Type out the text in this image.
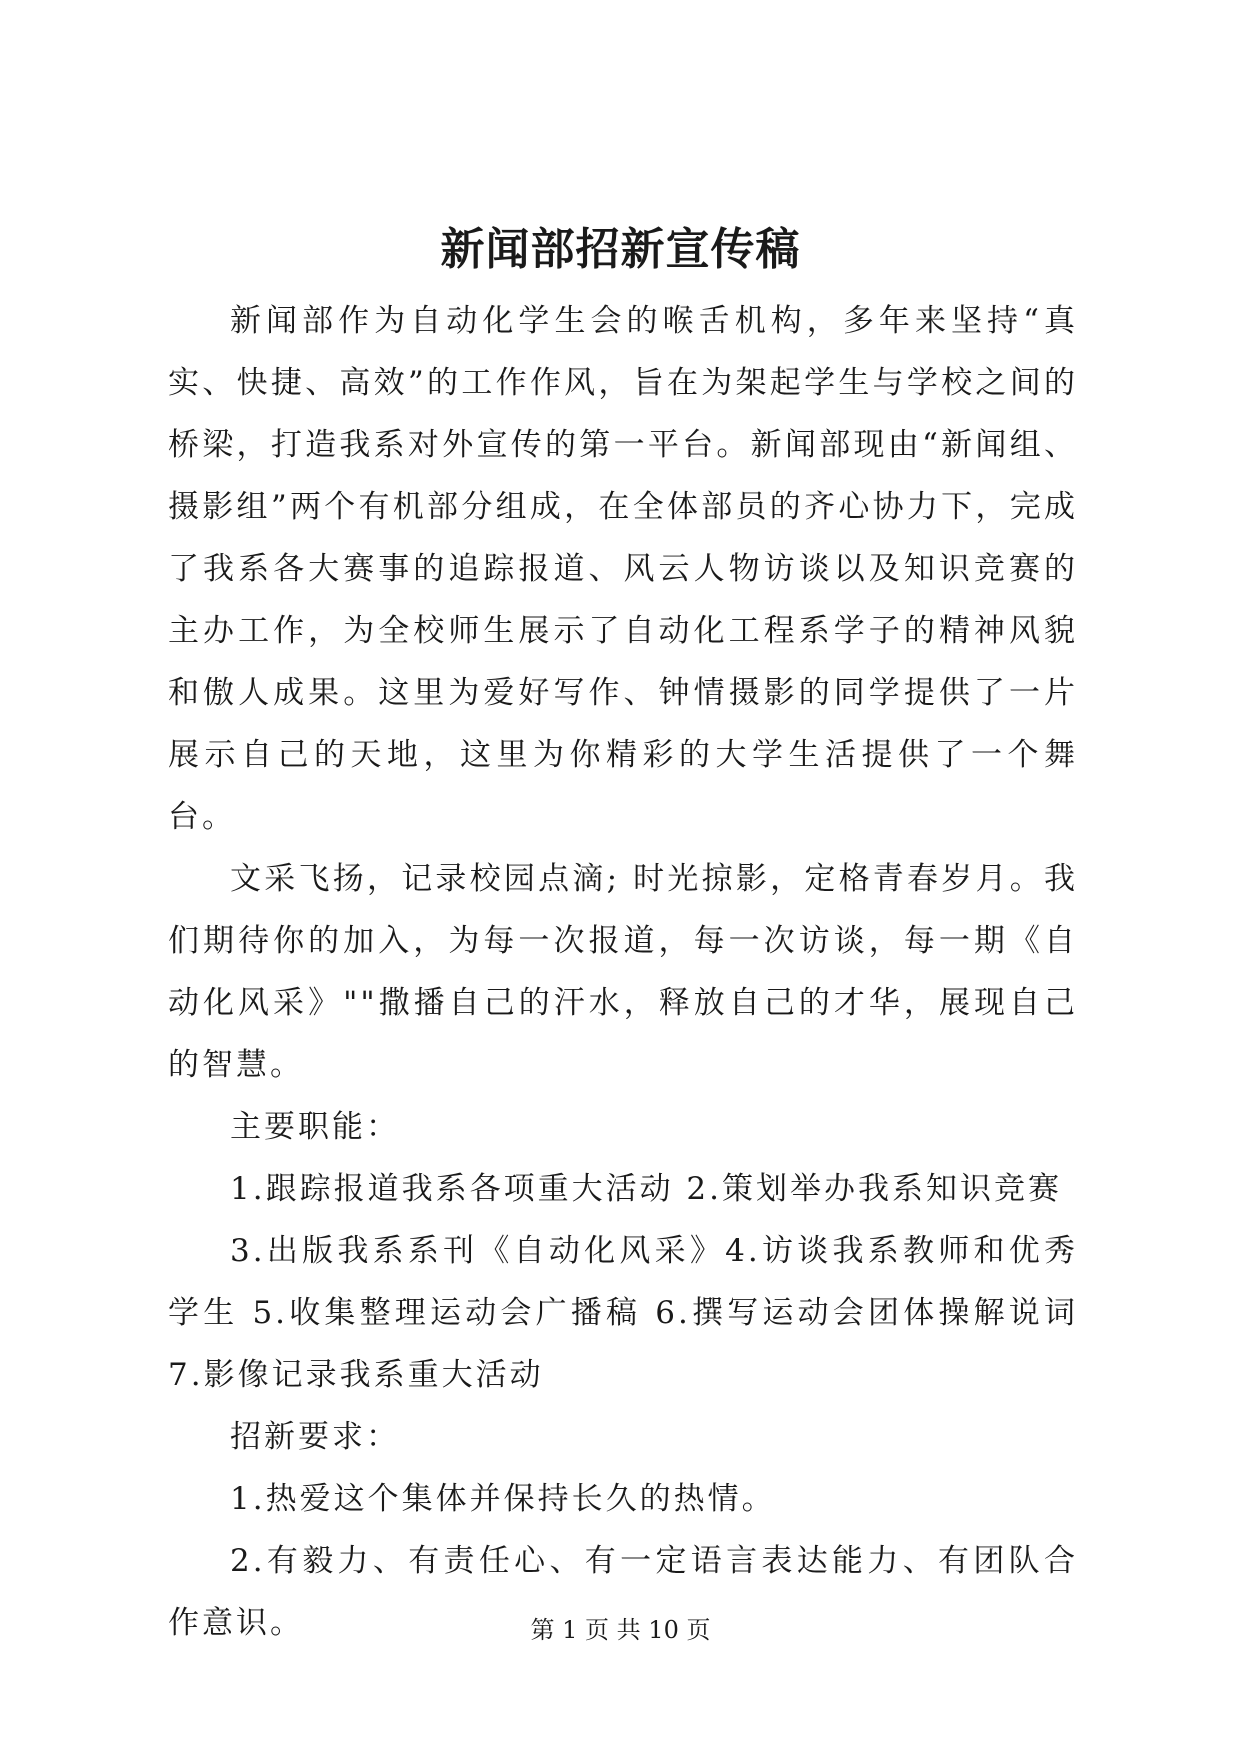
新闻部招新宣传稿

新闻部作为自动化学生会的喉舌机构，多年来坚持“真实、快捷、高效”的工作作风，旨在为架起学生与学校之间的桥梁，打造我系对外宣传的第一平台。新闻部现由“新闻组、摄影组”两个有机部分组成，在全体部员的齐心协力下，完成了我系各大赛事的追踪报道、风云人物访谈以及知识竞赛的主办工作，为全校师生展示了自动化工程系学子的精神风貌和傲人成果。这里为爱好写作、钟情摄影的同学提供了一片展示自己的天地，这里为你精彩的大学生活提供了一个舞台。

文采飞扬，记录校园点滴; 时光掠影，定格青春岁月。我们期待你的加入，为每一次报道，每一次访谈，每一期《自动化风采》""撒播自己的汗水，释放自己的才华，展现自己的智慧。

主要职能：

1.跟踪报道我系各项重大活动 2.策划举办我系知识竞赛

3.出版我系系刊《自动化风采》4.访谈我系教师和优秀学生 5.收集整理运动会广播稿 6.撰写运动会团体操解说词 7.影像记录我系重大活动

招新要求：

1.热爱这个集体并保持长久的热情。

2.有毅力、有责任心、有一定语言表达能力、有团队合作意识。	第 1 页 共 10 页
